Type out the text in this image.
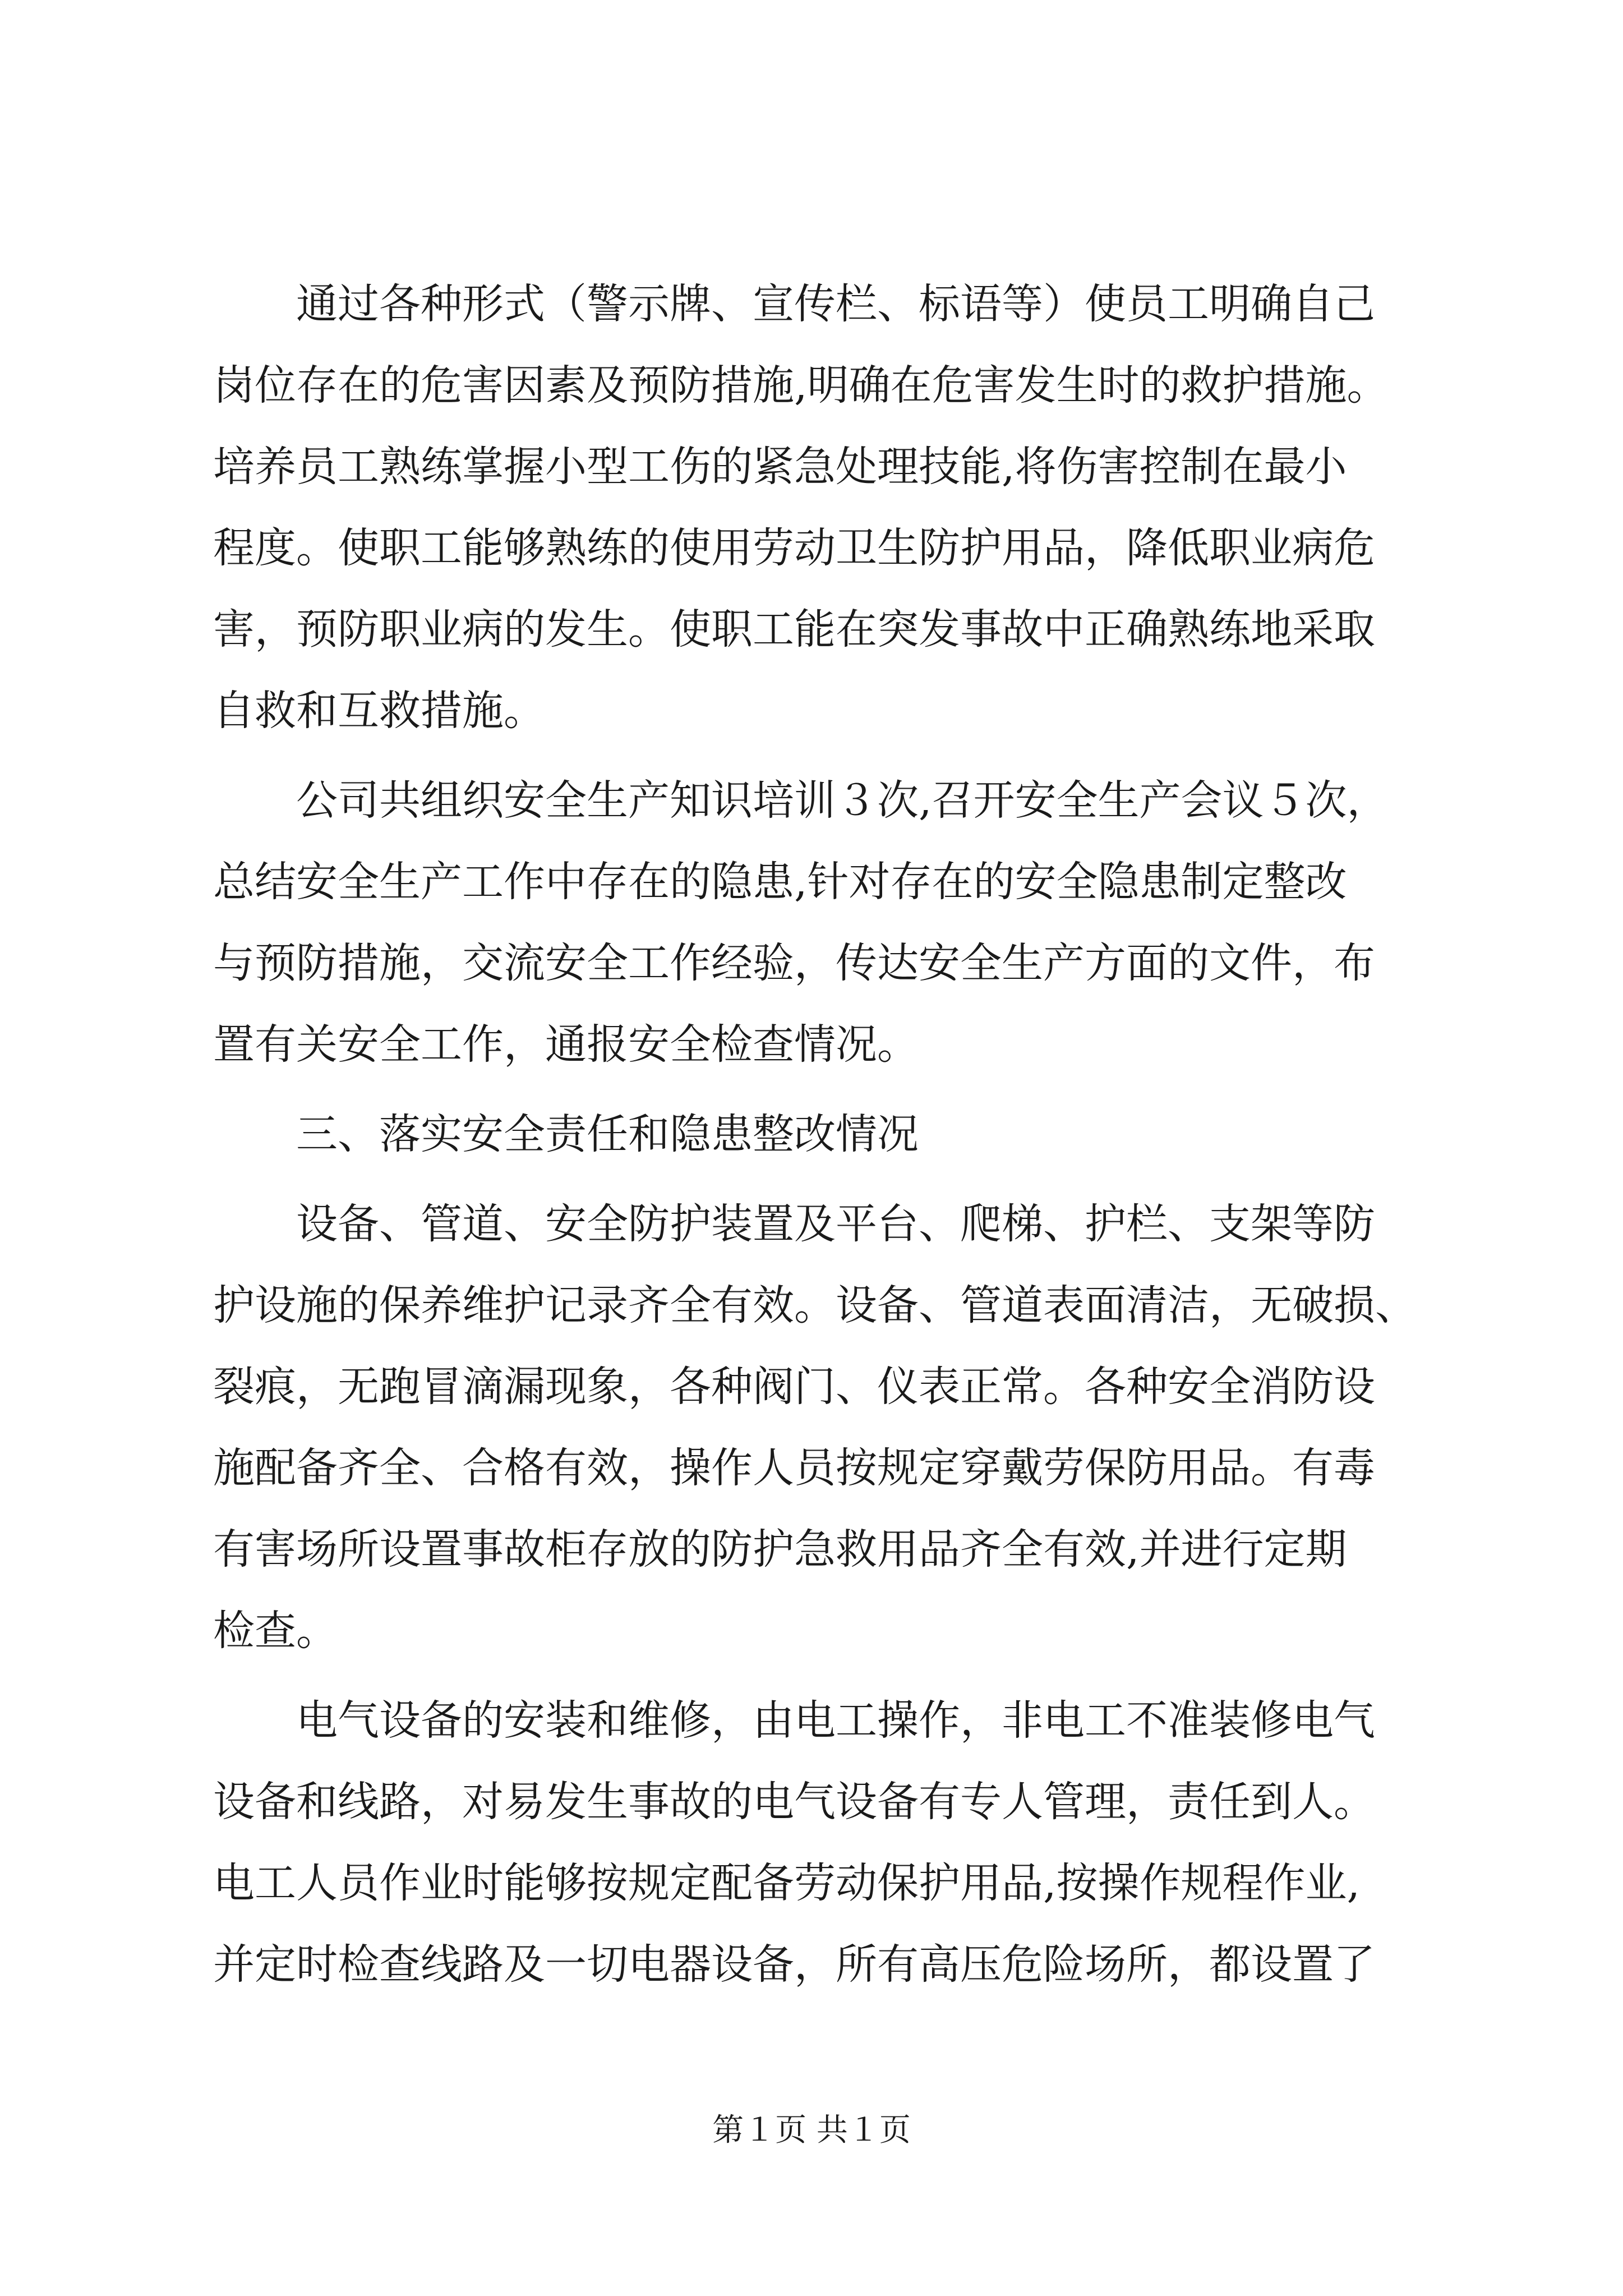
通过各种形式（警示牌、宣传栏、标语等）使员工明确自己
岗位存在的危害因素及预防措施,明确在危害发生时的救护措施。
培养员工熟练掌握小型工伤的紧急处理技能,将伤害控制在最小
程度。使职工能够熟练的使用劳动卫生防护用品，降低职业病危
害，预防职业病的发生。使职工能在突发事故中正确熟练地采取
自救和互救措施。
公司共组织安全生产知识培训３次,召开安全生产会议５次，
总结安全生产工作中存在的隐患,针对存在的安全隐患制定整改
与预防措施，交流安全工作经验，传达安全生产方面的文件，布
置有关安全工作，通报安全检查情况。
三、落实安全责任和隐患整改情况
设备、管道、安全防护装置及平台、爬梯、护栏、支架等防
护设施的保养维护记录齐全有效。设备、管道表面清洁，无破损、
裂痕，无跑冒滴漏现象，各种阀门、仪表正常。各种安全消防设
施配备齐全、合格有效，操作人员按规定穿戴劳保防用品。有毒
有害场所设置事故柜存放的防护急救用品齐全有效,并进行定期
检查。
电气设备的安装和维修，由电工操作，非电工不准装修电气
设备和线路，对易发生事故的电气设备有专人管理，责任到人。
电工人员作业时能够按规定配备劳动保护用品,按操作规程作业,
并定时检查线路及一切电器设备，所有高压危险场所，都设置了
第１页 共１页
